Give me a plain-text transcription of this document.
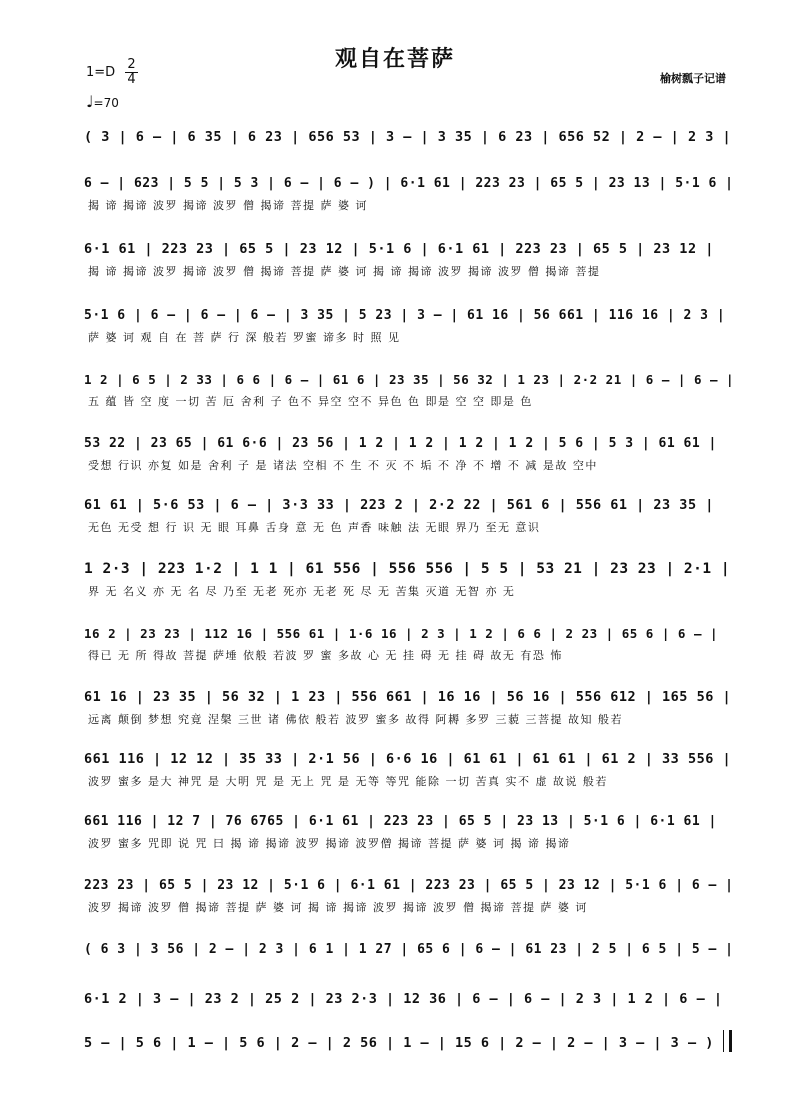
观自在菩萨
榆树瓢子记谱
$1=D \frac{2}{4}$
♩=70
( 3 | 6 — | 6 35 | 6 23 | 656 53 | 3 — | 3 35 | 6 23 | 656 52 | 2 — | 2 3 |
6 — | 623 | 5 5 | 5 3 | 6 — | 6 — ) | 6·1 61 | 223 23 | 65 5 | 23 13 | 5·1 6 |
揭 谛 揭谛 波罗 揭谛 波罗 僧 揭谛 菩提 萨 婆 诃
6·1 61 | 223 23 | 65 5 | 23 12 | 5·1 6 | 6·1 61 | 223 23 | 65 5 | 23 12 |
揭 谛 揭谛 波罗 揭谛 波罗 僧 揭谛 菩提 萨 婆 诃 揭 谛 揭谛 波罗 揭谛 波罗 僧 揭谛 菩提
5·1 6 | 6 — | 6 — | 6 — | 3 35 | 5 23 | 3 — | 61 16 | 56 661 | 116 16 | 2 3 |
萨 婆 诃 观 自 在 菩 萨 行 深 般若 罗蜜 谛多 时 照 见
1 2 | 6 5 | 2 33 | 6 6 | 6 — | 61 6 | 23 35 | 56 32 | 1 23 | 2·2 21 | 6 — | 6 — |
五 蕴 皆 空 度 一切 苦 厄 舍利 子 色不 异空 空不 异色 色 即是 空 空 即是 色
53 22 | 23 65 | 61 6·6 | 23 56 | 1 2 | 1 2 | 1 2 | 1 2 | 5 6 | 5 3 | 61 61 |
受想 行识 亦复 如是 舍利 子 是 诸法 空相 不 生 不 灭 不 垢 不 净 不 增 不 减 是故 空中
61 61 | 5·6 53 | 6 — | 3·3 33 | 223 2 | 2·2 22 | 561 6 | 556 61 | 23 35 |
无色 无受 想 行 识 无 眼 耳鼻 舌身 意 无 色 声香 味触 法 无眼 界乃 至无 意识
1 2·3 | 223 1·2 | 1 1 | 61 556 | 556 556 | 5 5 | 53 21 | 23 23 | 2·1 |
界 无 名义 亦 无 名 尽 乃至 无老 死亦 无老 死 尽 无 苦集 灭道 无智 亦 无
16 2 | 23 23 | 112 16 | 556 61 | 1·6 16 | 2 3 | 1 2 | 6 6 | 2 23 | 65 6 | 6 — |
得已 无 所 得故 菩提 萨埵 依般 若波 罗 蜜 多故 心 无 挂 碍 无 挂 碍 故无 有恐 怖
61 16 | 23 35 | 56 32 | 1 23 | 556 661 | 16 16 | 56 16 | 556 612 | 165 56 |
远离 颠倒 梦想 究竟 涅槃 三世 诸 佛依 般若 波罗 蜜多 故得 阿耨 多罗 三藐 三菩提 故知 般若
661 116 | 12 12 | 35 33 | 2·1 56 | 6·6 16 | 61 61 | 61 61 | 61 2 | 33 556 |
波罗 蜜多 是大 神咒 是 大明 咒 是 无上 咒 是 无等 等咒 能除 一切 苦真 实不 虚 故说 般若
661 116 | 12 7 | 76 6765 | 6·1 61 | 223 23 | 65 5 | 23 13 | 5·1 6 | 6·1 61 |
波罗 蜜多 咒即 说 咒 曰 揭 谛 揭谛 波罗 揭谛 波罗僧 揭谛 菩提 萨 婆 诃 揭 谛 揭谛
223 23 | 65 5 | 23 12 | 5·1 6 | 6·1 61 | 223 23 | 65 5 | 23 12 | 5·1 6 | 6 — |
波罗 揭谛 波罗 僧 揭谛 菩提 萨 婆 诃 揭 谛 揭谛 波罗 揭谛 波罗 僧 揭谛 菩提 萨 婆 诃
( 6 3 | 3 56 | 2 — | 2 3 | 6 1 | 1 27 | 65 6 | 6 — | 61 23 | 2 5 | 6 5 | 5 — |
6·1 2 | 3 — | 23 2 | 25 2 | 23 2·3 | 12 36 | 6 — | 6 — | 2 3 | 1 2 | 6 — |
5 — | 5 6 | 1 — | 5 6 | 2 — | 2 56 | 1 — | 15 6 | 2 — | 2 — | 3 — | 3 — )
